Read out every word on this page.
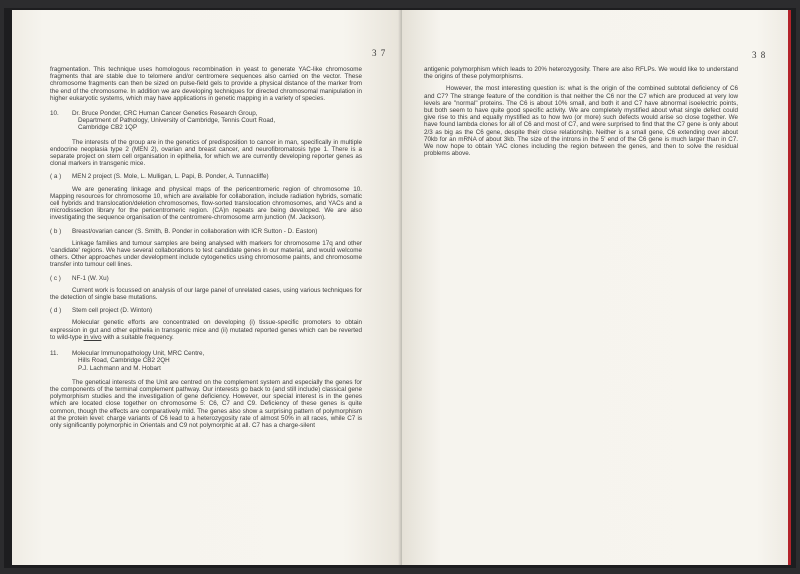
3 7

fragmentation. This technique uses homologous recombination in yeast to generate YAC-like chromosome fragments that are stable due to telomere and/or centromere sequences also carried on the vector. These chromosome fragments can then be sized on pulse-field gels to provide a physical distance of the marker from the end of the chromosome. In addition we are developing techniques for directed chromosomal manipulation in higher eukaryotic systems, which may have applications in genetic mapping in a variety of species.

10. Dr. Bruce Ponder, CRC Human Cancer Genetics Research Group,
Department of Pathology, University of Cambridge, Tennis Court Road,
Cambridge CB2 1QP

The interests of the group are in the genetics of predisposition to cancer in man, specifically in multiple endocrine neoplasia type 2 (MEN 2), ovarian and breast cancer, and neurofibromatosis type 1. There is a separate project on stem cell organisation in epithelia, for which we are currently developing reporter genes as clonal markers in transgenic mice.

( a ) MEN 2 project (S. Mole, L. Mulligan, L. Papi, B. Ponder, A. Tunnacliffe)

We are generating linkage and physical maps of the pericentromeric region of chromosome 10. Mapping resources for chromosome 10, which are available for collaboration, include radiation hybrids, somatic cell hybrids and translocation/deletion chromosomes, flow-sorted translocation chromosomes, and YACs and a microdissection library for the pericentromeric region. (CA)n repeats are being developed. We are also investigating the sequence organisation of the centromere-chromosome arm junction (M. Jackson).

( b ) Breast/ovarian cancer (S. Smith, B. Ponder in collaboration with ICR Sutton - D. Easton)

Linkage families and tumour samples are being analysed with markers for chromosome 17q and other 'candidate' regions. We have several collaborations to test candidate genes in our material, and would welcome others. Other approaches under development include cytogenetics using chromosome paints, and chromosome transfer into tumour cell lines.

( c ) NF-1 (W. Xu)

Current work is focussed on analysis of our large panel of unrelated cases, using various techniques for the detection of single base mutations.

( d ) Stem cell project (D. Winton)

Molecular genetic efforts are concentrated on developing (i) tissue-specific promoters to obtain expression in gut and other epithelia in transgenic mice and (ii) mutated reported genes which can be reverted to wild-type in vivo with a suitable frequency.

11. Molecular Immunopathology Unit, MRC Centre,
Hills Road, Cambridge CB2 2QH
P.J. Lachmann and M. Hobart

The genetical interests of the Unit are centred on the complement system and especially the genes for the components of the terminal complement pathway. Our interests go back to (and still include) classical gene polymorphism studies and the investigation of gene deficiency. However, our special interest is in the genes which are located close together on chromosome 5: C6, C7 and C9. Deficiency of these genes is quite common, though the effects are comparatively mild. The genes also show a surprising pattern of polymorphism at the protein level: charge variants of C6 lead to a heterozygosity rate of almost 50% in all races, while C7 is only significantly polymorphic in Orientals and C9 not polymorphic at all. C7 has a charge-silent

3 8

antigenic polymorphism which leads to 20% heterozygosity. There are also RFLPs. We would like to understand the origins of these polymorphisms.

However, the most interesting question is: what is the origin of the combined subtotal deficiency of C6 and C7? The strange feature of the condition is that neither the C6 nor the C7 which are produced at very low levels are "normal" proteins. The C6 is about 10% small, and both it and C7 have abnormal isoelectric points, but both seem to have quite good specific activity. We are completely mystified about what single defect could give rise to this and equally mystified as to how two (or more) such defects would arise so close together. We have found lambda clones for all of C6 and most of C7, and were surprised to find that the C7 gene is only about 2/3 as big as the C6 gene, despite their close relationship. Neither is a small gene, C6 extending over about 70kb for an mRNA of about 3kb. The size of the introns in the 5' end of the C6 gene is much larger than in C7. We now hope to obtain YAC clones including the region between the genes, and then to solve the residual problems above.
